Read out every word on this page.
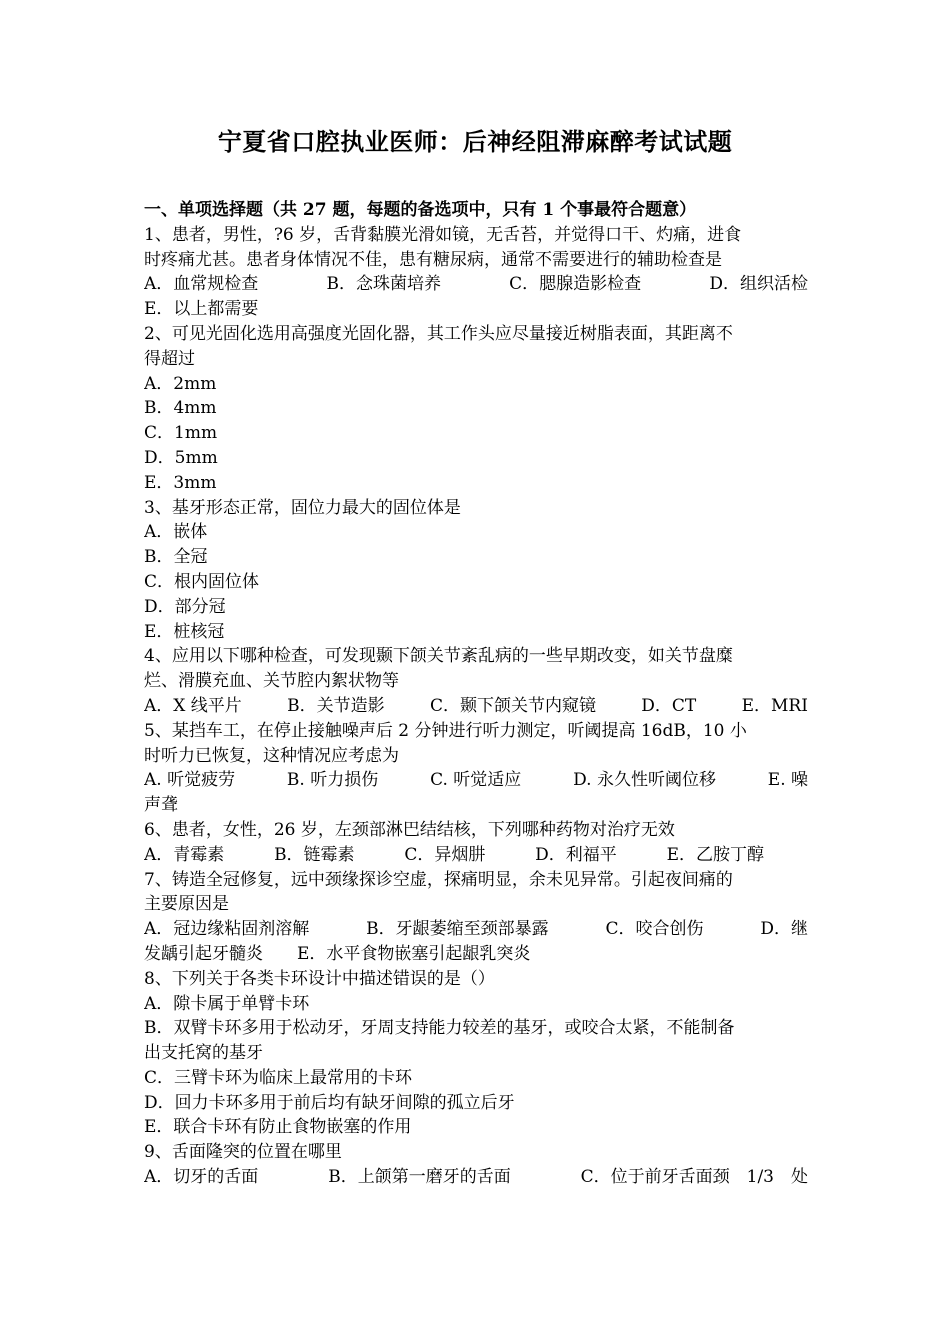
宁夏省口腔执业医师：后神经阻滞麻醉考试试题
一、单项选择题（共 27 题，每题的备选项中，只有 1 个事最符合题意）
1、患者，男性，?6 岁，舌背黏膜光滑如镜，无舌苔，并觉得口干、灼痛，进食
时疼痛尤甚。患者身体情况不佳，患有糖尿病，通常不需要进行的辅助检查是
A．血常规检查	B．念珠菌培养	C．腮腺造影检查	D．组织活检
E．以上都需要
2、可见光固化选用高强度光固化器，其工作头应尽量接近树脂表面，其距离不
得超过
A．2mm
B．4mm
C．1mm
D．5mm
E．3mm
3、基牙形态正常，固位力最大的固位体是
A．嵌体
B．全冠
C．根内固位体
D．部分冠
E．桩核冠
4、应用以下哪种检查，可发现颞下颌关节紊乱病的一些早期改变，如关节盘糜
烂、滑膜充血、关节腔内絮状物等
A．X 线平片	B．关节造影	C．颞下颌关节内窥镜	D．CT	E．MRI
5、某挡车工，在停止接触噪声后 2 分钟进行听力测定，听阈提高 16dB，10 小
时听力已恢复，这种情况应考虑为
A. 听觉疲劳	B. 听力损伤	C. 听觉适应	D. 永久性听阈位移	E. 噪
声聋
6、患者，女性，26 岁，左颈部淋巴结结核，下列哪种药物对治疗无效
A．青霉素	B．链霉素	C．异烟肼	D．利福平	E．乙胺丁醇
7、铸造全冠修复，远中颈缘探诊空虚，探痛明显，余未见异常。引起夜间痛的
主要原因是
A．冠边缘粘固剂溶解	B．牙龈萎缩至颈部暴露	C．咬合创伤	D．继
发龋引起牙髓炎　　E．水平食物嵌塞引起龈乳突炎
8、下列关于各类卡环设计中描述错误的是（）
A．隙卡属于单臂卡环
B．双臂卡环多用于松动牙，牙周支持能力较差的基牙，或咬合太紧，不能制备
出支托窝的基牙
C．三臂卡环为临床上最常用的卡环
D．回力卡环多用于前后均有缺牙间隙的孤立后牙
E．联合卡环有防止食物嵌塞的作用
9、舌面隆突的位置在哪里
A．切牙的舌面	B．上颌第一磨牙的舌面	C．位于前牙舌面颈　1/3　处
